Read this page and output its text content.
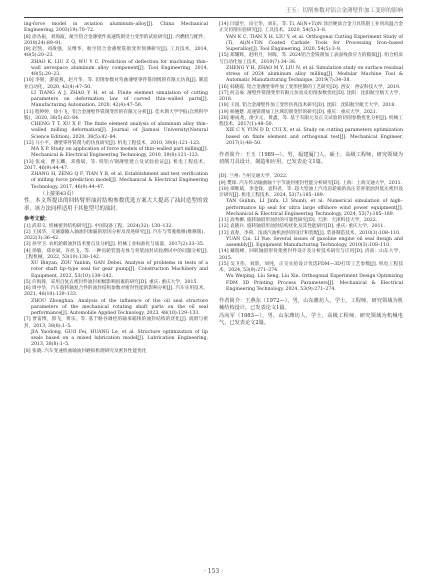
王玉：切削参数对铝合金薄壁件加工变形的影响

ing-force model in aviation aluminum–alloy[J]. China Mechanical Engineering, 2003(19):70–72.

[8] 徐丛振，刘海波，航空铝合金薄壁件高速铣削受力变形的试验研究[J]. 内燃机与配件，2018(24):89–91.

[9] 赵凯，刘战强，吴继华，航空铝合金薄壁铣削变形预测研究[J]. 工具技术，2014, 48(5):20–23.

ZHAO K, LIU Z Q, WU Y C. Prediction of deflection for machining thin–wall aerospace aluminum alloy component[J]. Tool Engineering, 2014, 48(5):20–23.

[10] 李朋，游爱燕，赵月华，等. 切削参数对弯曲薄壁零件铣削锈的有限元仿真[J]. 制造业自动化，2020, 42(4):47–50.

LI TIANG A J, ZHAO Y H, et al. Finite element simulation of cutting parameters on deformation law of curved thin–walled parts[J]. Manufacturing Automation, 2020, 42(4):47–50.

[11] 程婷婷，徐小飞，铝合金薄壁件铣削变形的有限元分析[J]. 佳木斯大学学报(自然科学版)，2020, 38(5):82–84.

CHENG T T, XU X F. The finite element analysis of aluminum alloy thin–walled milling deformation[J]. Journal of Jiamusi University(Natural Science Edition), 2020, 38(5):82–84.

[12] 马小平，薄壁零件铣削力的仿真研究[J]. 机电工程技术，2010, 39(8):121–123.

MA X P. Study on application of force models of thin–walled part milling[J]. Mechanical & Electrical Engineering Technology, 2010, 39(8):121–123.

[13] 张成，曹玉麟，邓燕斌，等. 铁铝方钢薄壁建立及试验验证[J]. 机电工程技术，2017, 46(9):44–47.

ZHANG H, ZENG Q F, TIAN Y B, et al. Establishment and test verification of milling force prediction model[J]. Mechanical & Electrical Engineering Technology, 2017, 46(9):44–47.

（上接第43页）

性。本文所提出的回转臂形油封结构参数优选方案大大提高了油封造型的效率，该方法同样适用于其他型号的油封。

参考文献：

[1] 武彩义. 机械密封结构研究[J]. 中国设备工程，2024(32): 130–132.

[2] 王国华，交通器输入轴油封渗漏的原因分析及改进研究[J]. 汽车与驾驶维修(维修版)，2022(3):36–42.

[3] 孙学卫. 农机轮毂油封技术要点及分析[J]. 机械工业标准化与质量，2017(2):33–35.

[4] 徐敏，郑业斌，许亮飞，等. 一种齿轮装置壳体与骨架油封试验测试中的问题分析[J]. 工程机械，2022, 53(10):138–142.

XU Binyan, ZOU Yanbin, GAN Debei. Analysis of problems in tests of a rotor shaft lip–type seal for gear pump[J]. Construction Machinery and Equipment, 2022, 53(10):138–142.

[5] 许海蓉，采用自复式密封件油封初级影响因素的研究[D]. 重庆: 重庆大学，2015.

[6] 周中华，汽车旋转轴复合件的油封结构参数对密封性能的影响分析[J]. 汽车实用技术，2021, 48(10):129–133.

ZHOU Zhonghua. Analysis of the influence of the oil seal structure parameters of the mechanical rotating shaft parts on the oil seal performance[J]. Automobile Applied Technology, 2023, 48(10):129–133.

[7] 贾雷博，郭飞，黄乐，等. 基于路谷调控的轴承箱排的油封结构的优化[J]. 润滑与密封，2013, 38(8):1–5.

JIA Yaodong, GUO Fei, HUANG Le, et al. Structure optimization of lip seals based on a mixed lubrication model[J]. Lubrication Engineering, 2013, 38(8):1–5.

[8] 张晓. 汽车变速机曲轴油封磨损机理研究及密封性能优化

[14] 闫量至，田宝华，刘东，等. Ti, Al(N+Ti)N 涂层硬质合金刀具铣削工业用高温合金正交切削实验研究[J]. 工具技术，2020, 54(5):3–8.

YAN K C, TIAN X H, LIU Y, et al. Orthogonal Cutting Experiment Study of (Ti, Al)N+TiN Coated Carbide Tools for Processing Iron–based Superalloy[J]. Tool Engineering, 2020, 54(5):3–8.

[15] 郑耀辉，赵明月，何晖，等. 2024铝合金铣削加工表面残余应力的模拟[J]. 组合机床与自动化加工技术，2019(7):34–38.

ZHENG Y H, ZHAO M Y, LIU N, et al. Simulation study on surface residual stress of 2024 aluminum alloy milling[J]. Modular Machine Tool & Automatic Manufacturing Technique, 2019(7):34–38.

[16] 韩晓霞. 铝合金薄壁零件加工变形控制的工艺研究[D]. 西安：西安科技大学，2019.

[17] 何志豪. 薄壁件铣削变形有限元仿真及切削参数优化[D]. 沈阳：沈阳航空航天大学，2018.

[18] 王园. 铝合金薄壁件加工变形仿真技术研究[D]. 沈阳：沈阳航空航天大学，2018.

[19] 杨翘楚. 高速铣削加工区域切削变形的研究[D]. 重庆：重庆大学，2021.

[20] 谢成尧，俞少元，黄鑫，等. 基于有限元及正交试验的切削参数优化分析[J]. 机械工程技术，2017(1):48–50.

XIE C Y, YUN D D, CUI X, et al. Study on cutting parameters optimization based on finite element and orthogonal test[J]. Mechanical Engineer, 2017(1):48–50.

作者简介：王玉（1989—），男，福建厦门人，硕士，高级工程师，研究领域为切削刀具设计，制造和应用，已发表论文1篇。

[D]. 兰州: 兰州交通大学，2022.

[9] 樊琛. 汽车传动轴曲轴十字节油封密封性能分析研究[D]. 上海：上海交通大学，2011.

[10] 谭维斌，李金锋，袁科君，等. 超大型油上汽电齿轮箱的高压差骨架油封低压密封设计研究[J]. 机电工程技术，2024, 53(7):185–189.

TAN Guibin, LI Jinfa, LI Shunli, et al. Numerical simulation of high–performance lip seal for ultra large offshore wind power equipment[J]. Mechanical & Electrical Engineering Technology, 2024, 53(7):185–189.

[11] 高秀柳. 旋转轴唇形油封的可靠性研究[D]. 天津：天津科技大学，2022.

[12] 袁晓兵. 旋转轴唇形油封结构优化及其性能研究[D]. 重庆: 重庆大学，2011.

[13] 袁春，李荷，浅谈汽油机油封的设计和装配[J]. 装备制造技术，2010(3):108–110.

YUAN Cui, LI Yue. Several issues of gasoline engine oil seal design and assembly[J]. Equipment Manufacturing Technology, 2010(3):108–110.

[14] 戴瑞峰，回转轴唇形骨架密封件设计及分析技术研究与应用[D]. 济南：山东大学，2015.

[15] 吴卫伟，刘韵，刘纯，正交实验设计优选FDM—3D打印工艺参数[J]. 机电工程技术，2024, 53(9):271–274.

Wu Weiping, Liu Seng, Liu Xin. Orthogonal Experiment Design Optimizing FDM 3D Printing Process Parameters[J]. Mechanical & Electrical Engineering Technology, 2024, 53(9):271–274.

作者简介：王燕东（1972—），男，山东潍坊人，学士，工程师，研究领域为机械结构设计，已发表论文1篇。

冯向军（1983—），男，山东潍坊人，学士，高级工程师，研究领域为机械电气，已发表论文2篇。

· 153 ·
